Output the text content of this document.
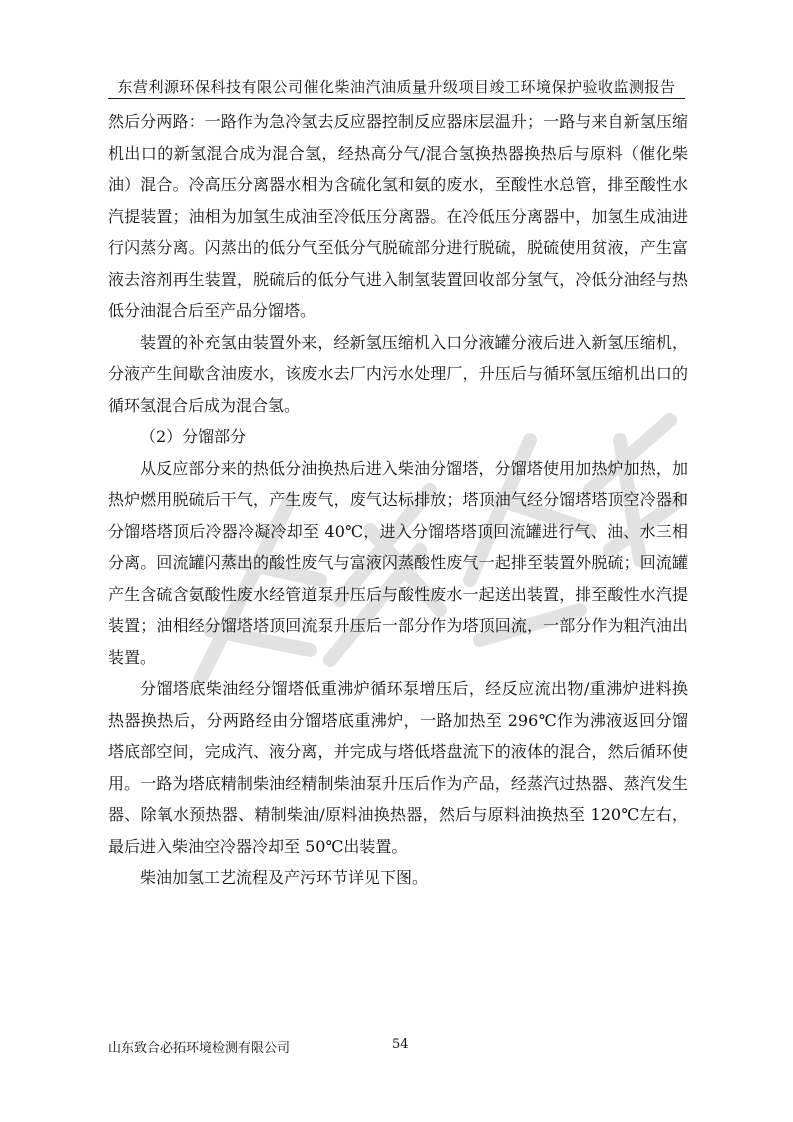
东营利源环保科技有限公司催化柴油汽油质量升级项目竣工环境保护验收监测报告

然后分两路：一路作为急冷氢去反应器控制反应器床层温升；一路与来自新氢压缩机出口的新氢混合成为混合氢，经热高分气/混合氢换热器换热后与原料（催化柴油）混合。冷高压分离器水相为含硫化氢和氨的废水，至酸性水总管，排至酸性水汽提装置；油相为加氢生成油至冷低压分离器。在冷低压分离器中，加氢生成油进行闪蒸分离。闪蒸出的低分气至低分气脱硫部分进行脱硫，脱硫使用贫液，产生富液去溶剂再生装置，脱硫后的低分气进入制氢装置回收部分氢气，冷低分油经与热低分油混合后至产品分馏塔。

装置的补充氢由装置外来，经新氢压缩机入口分液罐分液后进入新氢压缩机，分液产生间歇含油废水，该废水去厂内污水处理厂，升压后与循环氢压缩机出口的循环氢混合后成为混合氢。

（2）分馏部分

从反应部分来的热低分油换热后进入柴油分馏塔，分馏塔使用加热炉加热，加热炉燃用脱硫后干气，产生废气，废气达标排放；塔顶油气经分馏塔塔顶空冷器和分馏塔塔顶后冷器冷凝冷却至 40℃，进入分馏塔塔顶回流罐进行气、油、水三相分离。回流罐闪蒸出的酸性废气与富液闪蒸酸性废气一起排至装置外脱硫；回流罐产生含硫含氨酸性废水经管道泵升压后与酸性废水一起送出装置，排至酸性水汽提装置；油相经分馏塔塔顶回流泵升压后一部分作为塔顶回流，一部分作为粗汽油出装置。

分馏塔底柴油经分馏塔低重沸炉循环泵增压后，经反应流出物/重沸炉进料换热器换热后，分两路经由分馏塔底重沸炉，一路加热至 296℃作为沸液返回分馏塔底部空间，完成汽、液分离，并完成与塔低塔盘流下的液体的混合，然后循环使用。一路为塔底精制柴油经精制柴油泵升压后作为产品，经蒸汽过热器、蒸汽发生器、除氧水预热器、精制柴油/原料油换热器，然后与原料油换热至 120℃左右，最后进入柴油空冷器冷却至 50℃出装置。

柴油加氢工艺流程及产污环节详见下图。

山东致合必拓环境检测有限公司	54
